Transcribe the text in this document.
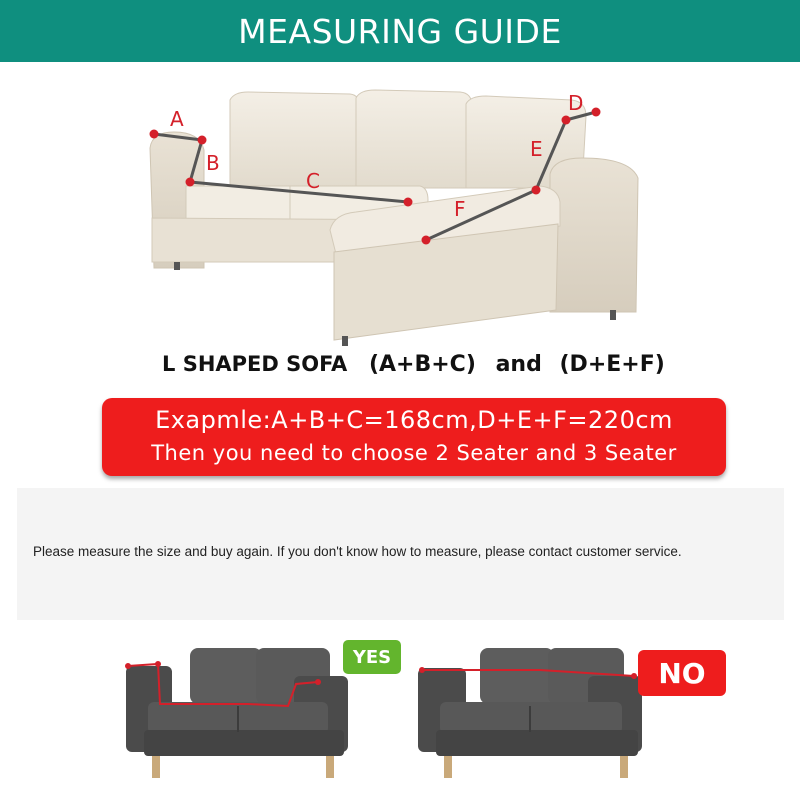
MEASURING GUIDE
A
B
C
D
E
F
L SHAPED SOFA (A+B+C) and (D+E+F)
Exapmle:A+B+C=168cm,D+E+F=220cm
Then you need to choose 2 Seater and 3 Seater

Please measure the size and buy again. If you don't know how to measure, please contact customer service.

YES	NO
